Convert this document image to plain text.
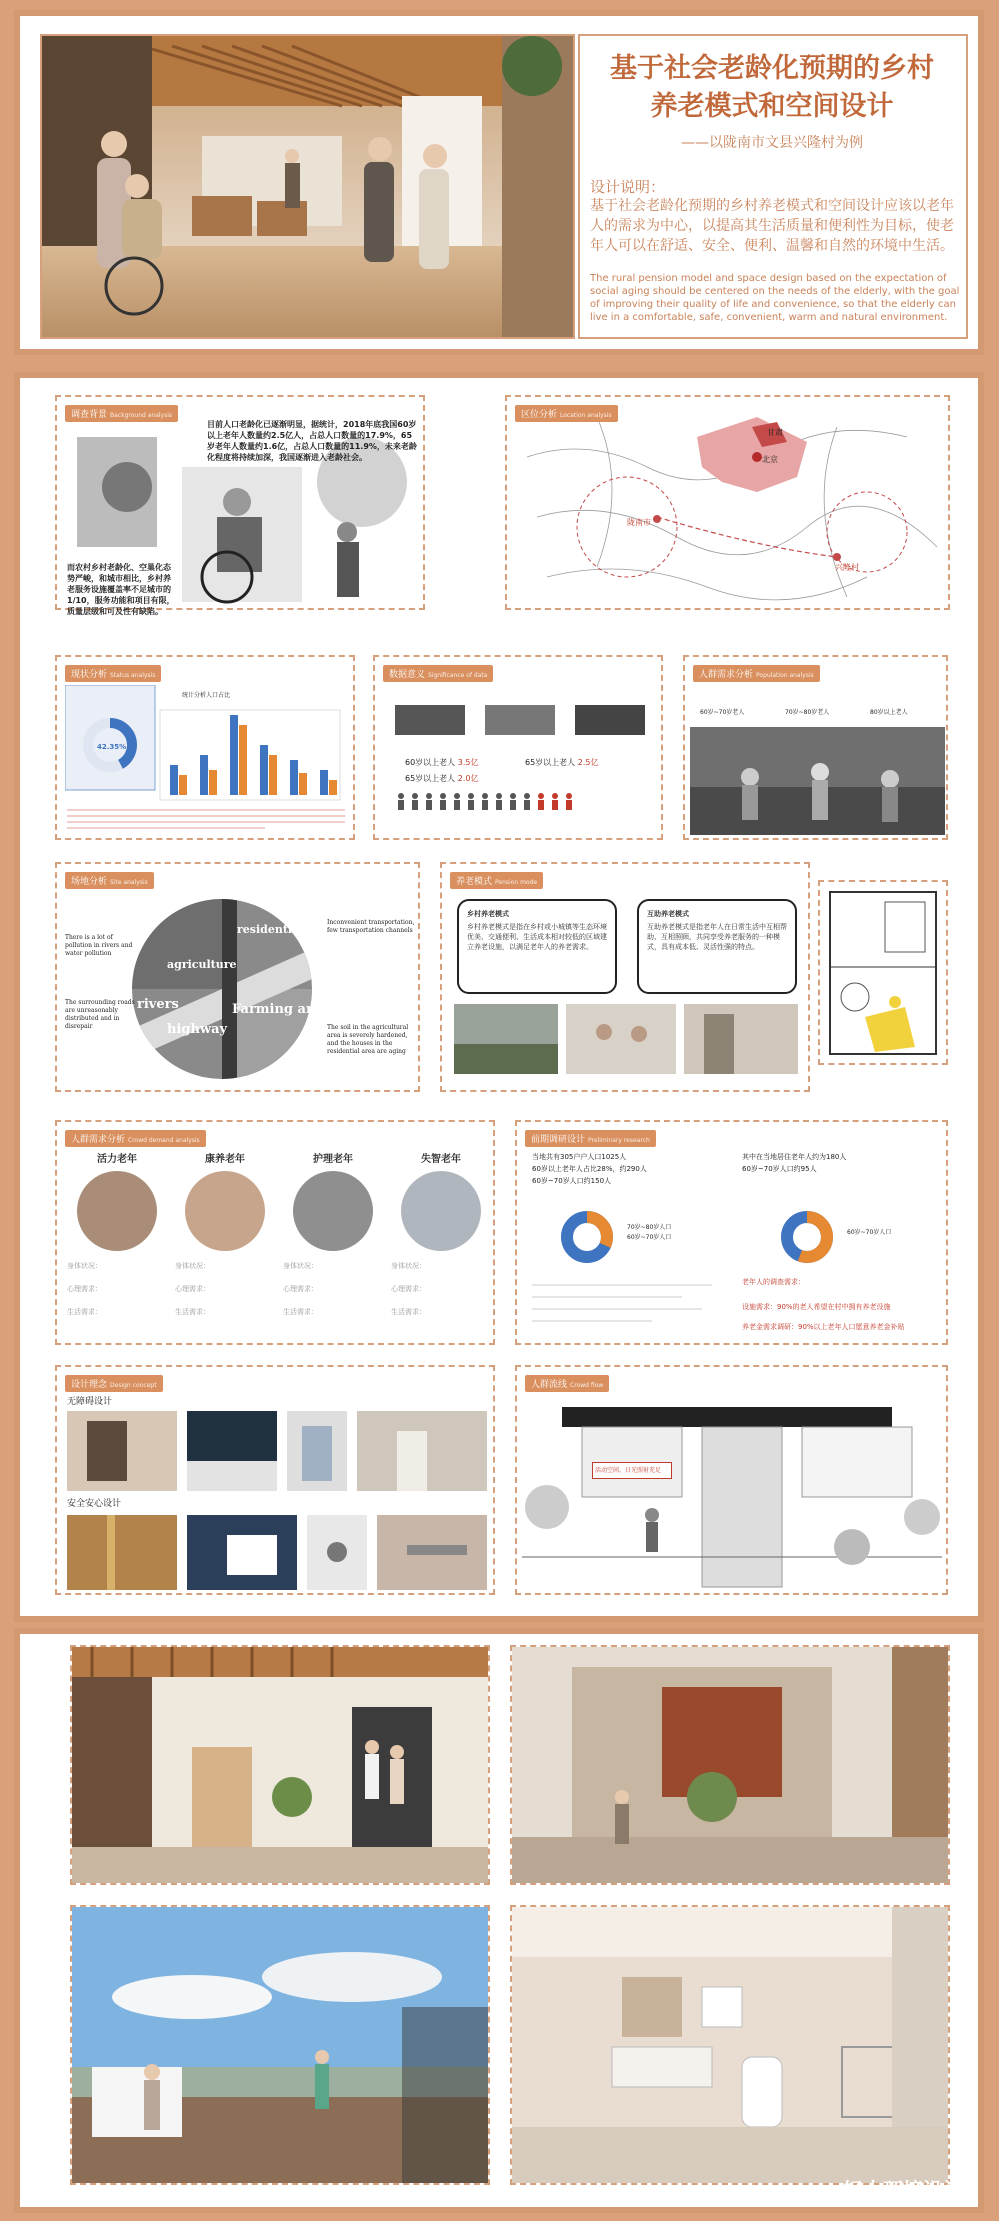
基于社会老龄化预期的乡村
养老模式和空间设计
——以陇南市文县兴隆村为例
设计说明：
基于社会老龄化预期的乡村养老模式和空间设计应该以老年人的需求为中心，以提高其生活质量和便利性为目标，使老年人可以在舒适、安全、便利、温馨和自然的环境中生活。
The rural pension model and space design based on the expectation of social aging should be centered on the needs of the elderly, with the goal of improving their quality of life and convenience, so that the elderly can live in a comfortable, safe, convenient, warm and natural environment.
调查背景 Background analysis
目前人口老龄化已逐渐明显，据统计，2018年底我国60岁以上老年人数量约2.5亿人，占总人口数量的17.9%，65岁老年人数量约1.6亿，占总人口数量的11.9%，未来老龄化程度将持续加深，我国逐渐进入老龄社会。
而农村乡村老龄化、空巢化态势严峻，和城市相比，乡村养老服务设施覆盖率不足城市的1/10，服务功能和项目有限，质量层级和可及性有缺陷。
区位分析 Location analysis
陇南市
兴隆村
北京
甘肃
现状分析 Status analysis
统计分析人口占比
42.35%
数据意义 Significance of data
60岁以上老人 3.5亿	65岁以上老人 2.5亿
65岁以上老人 2.0亿
人群需求分析 Population analysis
60岁~70岁老人	70岁~80岁老人	80岁以上老人
场地分析 Site analysis
rivers
highway
Farming area
residential area
agriculture
There is a lot of pollution in rivers and water pollution
The surrounding roads are unreasonably distributed and in disrepair
Inconvenient transportation, few transportation channels
The soil in the agricultural area is severely hardened, and the houses in the residential area are aging
养老模式 Pension mode
乡村养老模式
乡村养老模式是指在乡村或小城镇等生态环境优美、交通便利、生活成本相对较低的区域建立养老设施，以满足老年人的养老需求。
互助养老模式
互助养老模式是指老年人在日常生活中互相帮助、互相照顾，共同享受养老服务的一种模式，具有成本低、灵活性强的特点。
人群需求分析 Crowd demand analysis
活力老年
身体状况：
心理需求：
生活需求：
康养老年
身体状况：
心理需求：
生活需求：
护理老年
身体状况：
心理需求：
生活需求：
失智老年
身体状况：
心理需求：
生活需求：
前期调研设计 Preliminary research
当地共有305户户人口1025人
60岁以上老年人占比28%，约290人
60岁~70岁人口约150人
其中在当地居住老年人约为180人
60岁~70岁人口约95人
70岁~80岁人口
60岁~70岁人口
60岁~70岁人口
老年人的调查需求：
设施需求：90%的老人希望在村中拥有养老设施
养老金需求调研：90%以上老年人口愿意养老金补贴
设计理念 Design concept
无障碍设计
安全安心设计
人群流线 Crowd flow
活动空间、日光照射充足
轻大环境设计
